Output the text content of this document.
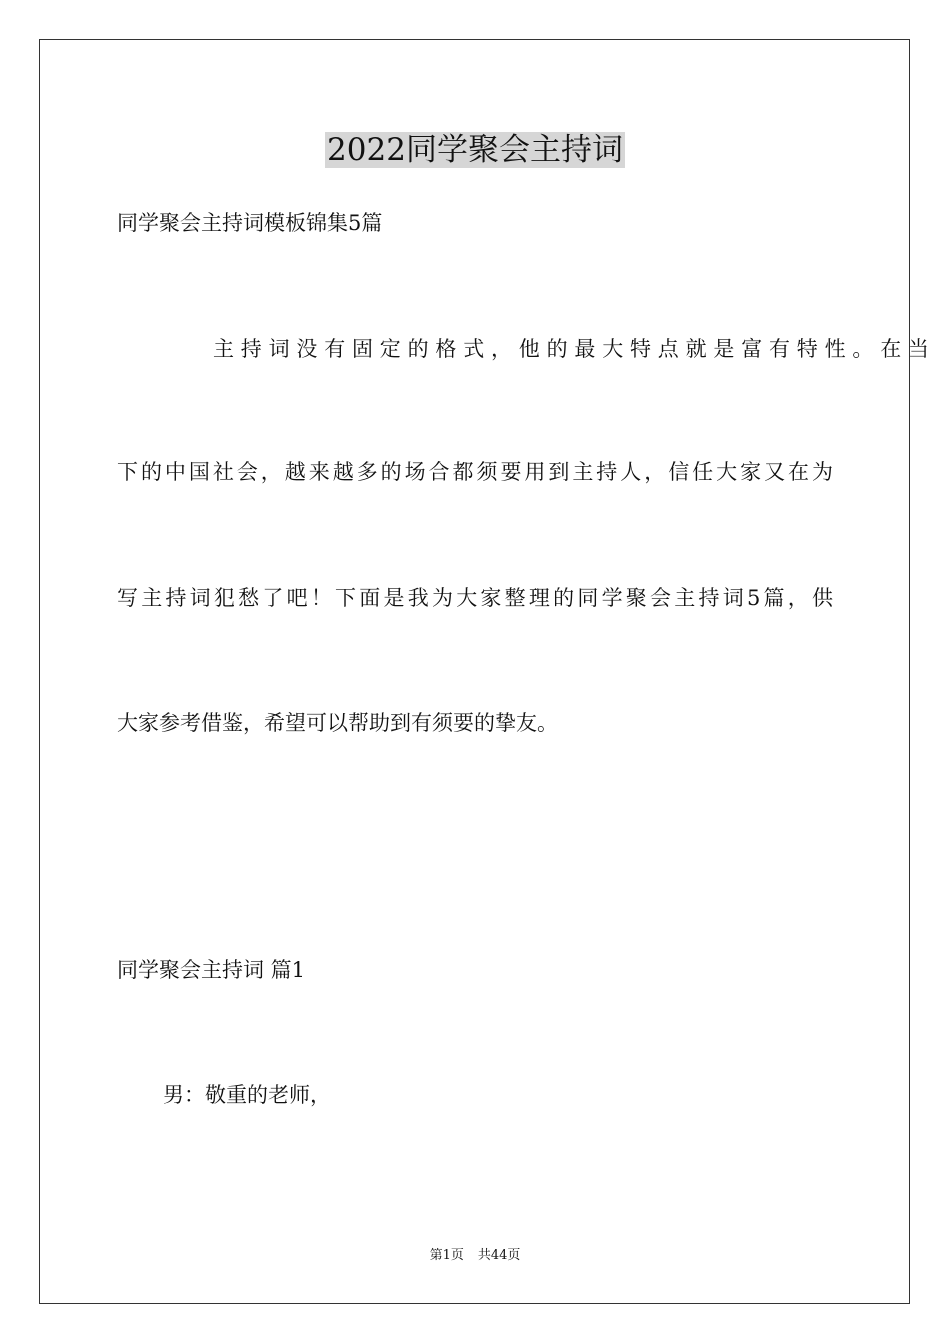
2022同学聚会主持词

同学聚会主持词模板锦集5篇

主持词没有固定的格式，他的最大特点就是富有特性。在当

下的中国社会，越来越多的场合都须要用到主持人，信任大家又在为

写主持词犯愁了吧！下面是我为大家整理的同学聚会主持词5篇，供

大家参考借鉴，希望可以帮助到有须要的挚友。

同学聚会主持词 篇1

男：敬重的老师，

第1页 共44页
